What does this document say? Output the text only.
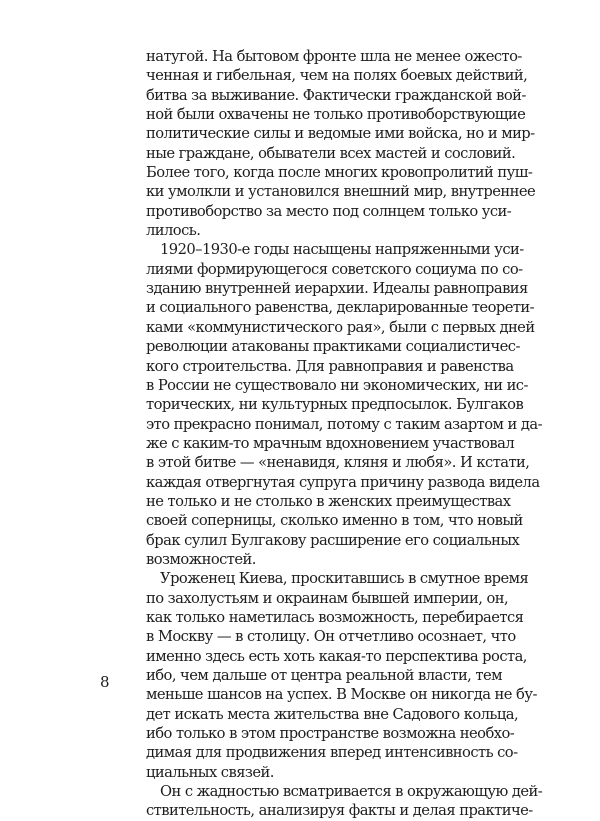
натугой. На бытовом фронте шла не менее ожесто-
ченная и гибельная, чем на полях боевых действий,
битва за выживание. Фактически гражданской вой-
ной были охвачены не только противоборствующие
политические силы и ведомые ими войска, но и мир-
ные граждане, обыватели всех мастей и сословий.
Более того, когда после многих кровопролитий пуш-
ки умолкли и установился внешний мир, внутреннее
противоборство за место под солнцем только уси-
лилось.
1920–1930-е годы насыщены напряженными уси-
лиями формирующегося советского социума по со-
зданию внутренней иерархии. Идеалы равноправия
и социального равенства, декларированные теорети-
ками «коммунистического рая», были с первых дней
революции атакованы практиками социалистичес-
кого строительства. Для равноправия и равенства
в России не существовало ни экономических, ни ис-
торических, ни культурных предпосылок. Булгаков
это прекрасно понимал, потому с таким азартом и да-
же с каким-то мрачным вдохновением участвовал
в этой битве — «ненавидя, кляня и любя». И кстати,
каждая отвергнутая супруга причину развода видела
не только и не столько в женских преимуществах
своей соперницы, сколько именно в том, что новый
брак сулил Булгакову расширение его социальных
возможностей.
Уроженец Киева, проскитавшись в смутное время
по захолустьям и окраинам бывшей империи, он,
как только наметилась возможность, перебирается
в Москву — в столицу. Он отчетливо осознает, что
именно здесь есть хоть какая-то перспектива роста,
ибо, чем дальше от центра реальной власти, тем
меньше шансов на успех. В Москве он никогда не бу-
дет искать места жительства вне Садового кольца,
ибо только в этом пространстве возможна необхо-
димая для продвижения вперед интенсивность со-
циальных связей.
Он с жадностью всматривается в окружающую дей-
ствительность, анализируя факты и делая практиче-
8
